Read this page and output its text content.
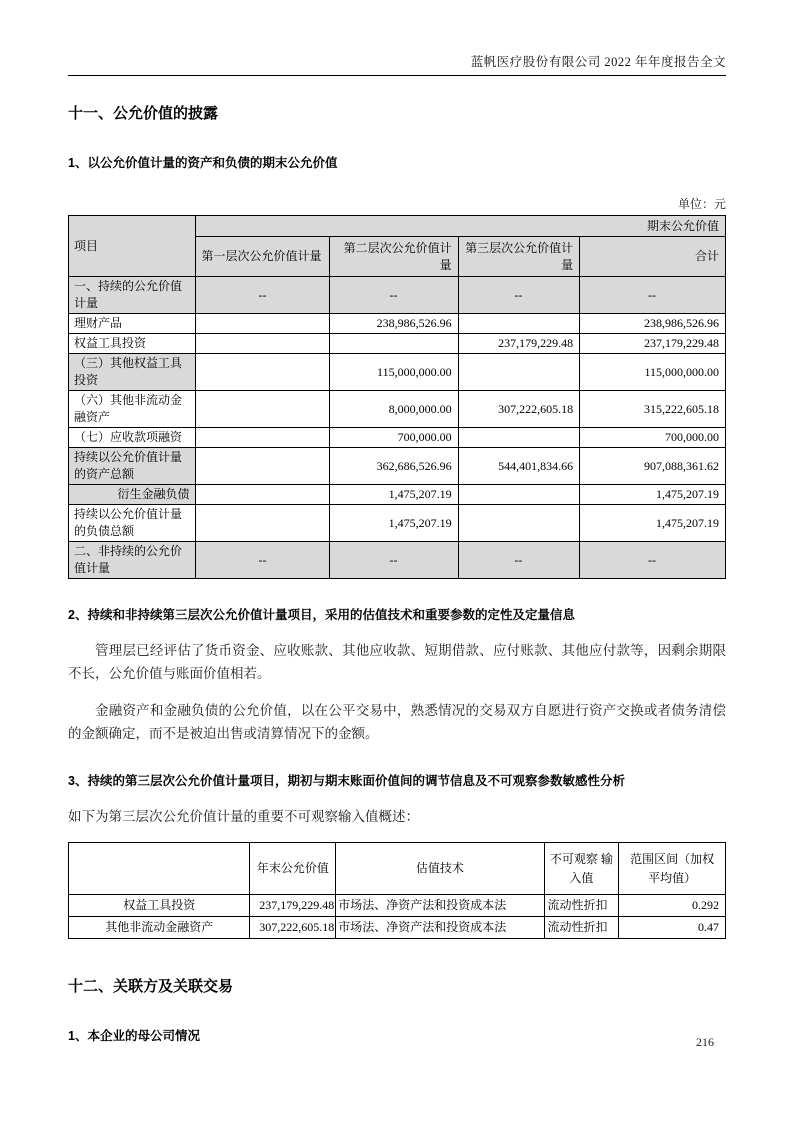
蓝帆医疗股份有限公司 2022 年年度报告全文
十一、公允价值的披露
1、以公允价值计量的资产和负债的期末公允价值
单位：元
项目	期末公允价值			
	第一层次公允价值计量	第二层次公允价值计量	第三层次公允价值计量	合计
一、持续的公允价值计量	--	--	--	--
理财产品		238,986,526.96		238,986,526.96
权益工具投资			237,179,229.48	237,179,229.48
（三）其他权益工具投资		115,000,000.00		115,000,000.00
（六）其他非流动金融资产		8,000,000.00	307,222,605.18	315,222,605.18
（七）应收款项融资		700,000.00		700,000.00
持续以公允价值计量的资产总额		362,686,526.96	544,401,834.66	907,088,361.62
衍生金融负债		1,475,207.19		1,475,207.19
持续以公允价值计量的负债总额		1,475,207.19		1,475,207.19
二、非持续的公允价值计量	--	--	--	--
2、持续和非持续第三层次公允价值计量项目，采用的估值技术和重要参数的定性及定量信息

管理层已经评估了货币资金、应收账款、其他应收款、短期借款、应付账款、其他应付款等，因剩余期限不长，公允价值与账面价值相若。

金融资产和金融负债的公允价值，以在公平交易中，熟悉情况的交易双方自愿进行资产交换或者债务清偿的金额确定，而不是被迫出售或清算情况下的金额。

3、持续的第三层次公允价值计量项目，期初与期末账面价值间的调节信息及不可观察参数敏感性分析

如下为第三层次公允价值计量的重要不可观察输入值概述：

	年末公允价值	估值技术	不可观察 输入值	范围区间（加权 平均值）
权益工具投资	237,179,229.48	市场法、净资产法和投资成本法	流动性折扣	0.292
其他非流动金融资产	307,222,605.18	市场法、净资产法和投资成本法	流动性折扣	0.47
十二、关联方及关联交易
1、本企业的母公司情况	216
